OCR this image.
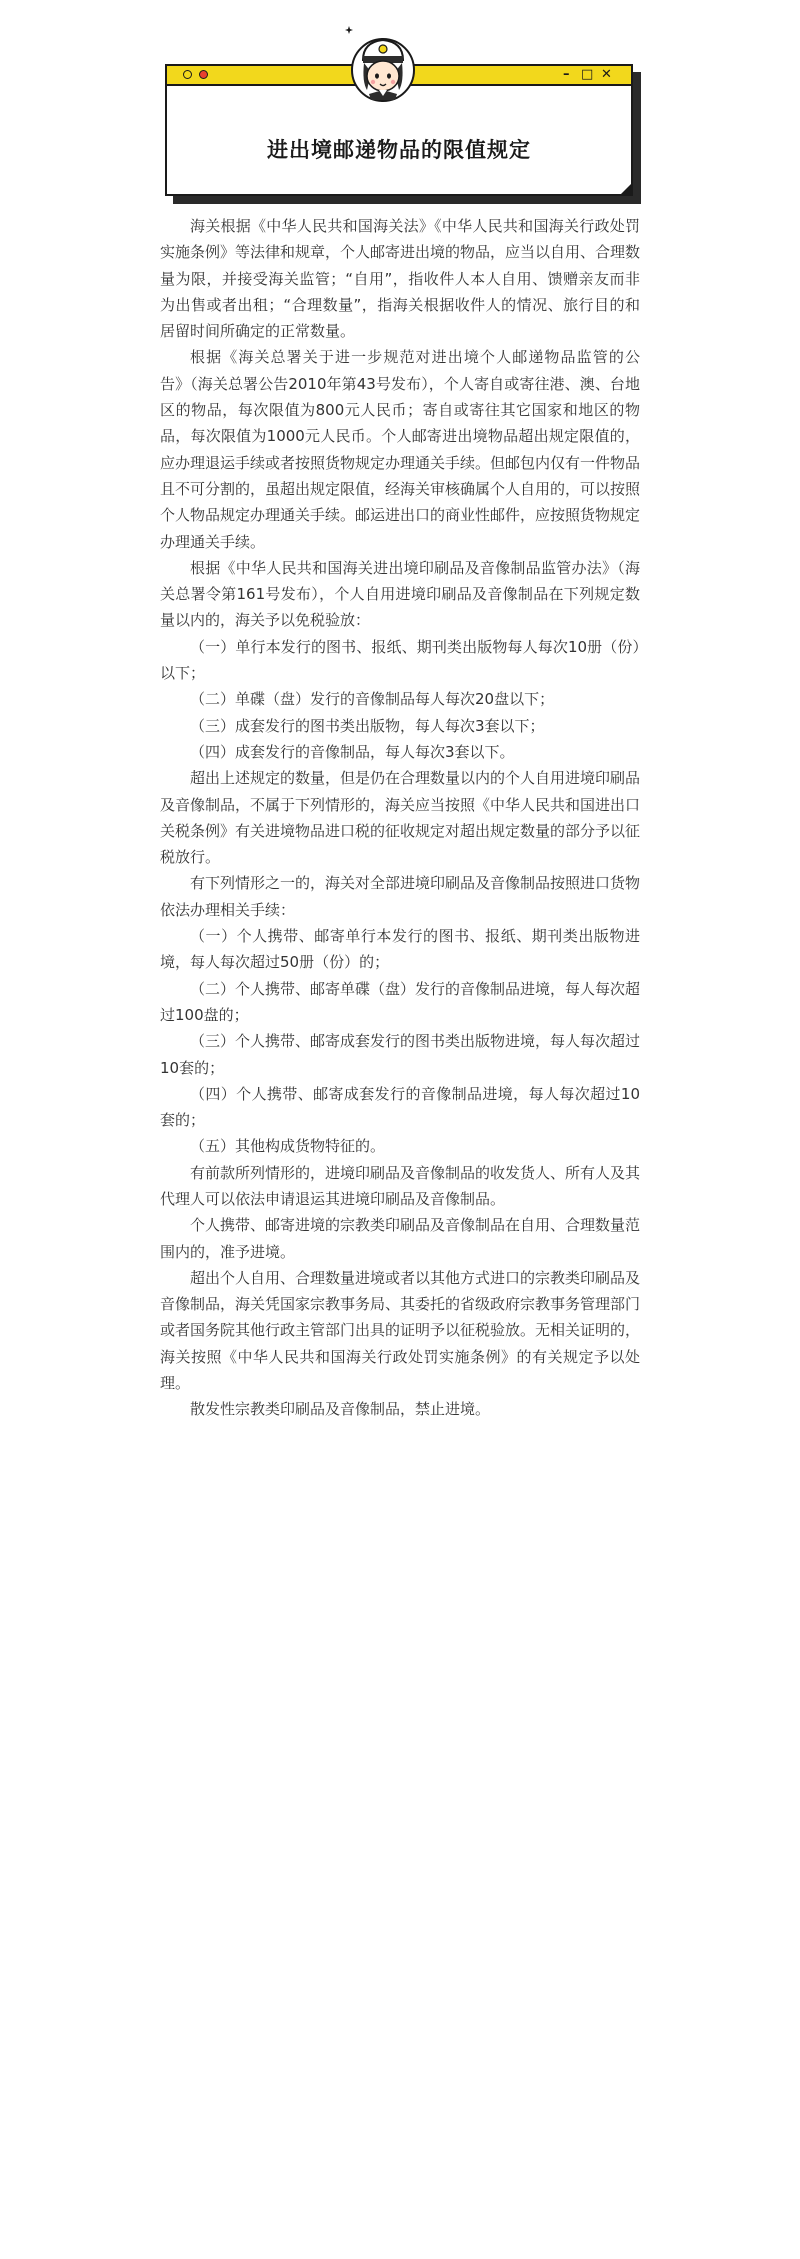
– □ ✕
进出境邮递物品的限值规定

海关根据《中华人民共和国海关法》《中华人民共和国海关行政处罚实施条例》等法律和规章，个人邮寄进出境的物品，应当以自用、合理数量为限，并接受海关监管；“自用”，指收件人本人自用、馈赠亲友而非为出售或者出租；“合理数量”，指海关根据收件人的情况、旅行目的和居留时间所确定的正常数量。

根据《海关总署关于进一步规范对进出境个人邮递物品监管的公告》（海关总署公告2010年第43号发布），个人寄自或寄往港、澳、台地区的物品，每次限值为800元人民币；寄自或寄往其它国家和地区的物品，每次限值为1000元人民币。个人邮寄进出境物品超出规定限值的，应办理退运手续或者按照货物规定办理通关手续。但邮包内仅有一件物品且不可分割的，虽超出规定限值，经海关审核确属个人自用的，可以按照个人物品规定办理通关手续。邮运进出口的商业性邮件，应按照货物规定办理通关手续。

根据《中华人民共和国海关进出境印刷品及音像制品监管办法》（海关总署令第161号发布），个人自用进境印刷品及音像制品在下列规定数量以内的，海关予以免税验放：

（一）单行本发行的图书、报纸、期刊类出版物每人每次10册（份）以下；

（二）单碟（盘）发行的音像制品每人每次20盘以下；

（三）成套发行的图书类出版物，每人每次3套以下；

（四）成套发行的音像制品，每人每次3套以下。

超出上述规定的数量，但是仍在合理数量以内的个人自用进境印刷品及音像制品，不属于下列情形的，海关应当按照《中华人民共和国进出口关税条例》有关进境物品进口税的征收规定对超出规定数量的部分予以征税放行。

有下列情形之一的，海关对全部进境印刷品及音像制品按照进口货物依法办理相关手续：

（一）个人携带、邮寄单行本发行的图书、报纸、期刊类出版物进境，每人每次超过50册（份）的；

（二）个人携带、邮寄单碟（盘）发行的音像制品进境，每人每次超过100盘的；

（三）个人携带、邮寄成套发行的图书类出版物进境，每人每次超过10套的；

（四）个人携带、邮寄成套发行的音像制品进境，每人每次超过10套的；

（五）其他构成货物特征的。

有前款所列情形的，进境印刷品及音像制品的收发货人、所有人及其代理人可以依法申请退运其进境印刷品及音像制品。

个人携带、邮寄进境的宗教类印刷品及音像制品在自用、合理数量范围内的，准予进境。

超出个人自用、合理数量进境或者以其他方式进口的宗教类印刷品及音像制品，海关凭国家宗教事务局、其委托的省级政府宗教事务管理部门或者国务院其他行政主管部门出具的证明予以征税验放。无相关证明的，海关按照《中华人民共和国海关行政处罚实施条例》的有关规定予以处理。

散发性宗教类印刷品及音像制品，禁止进境。
